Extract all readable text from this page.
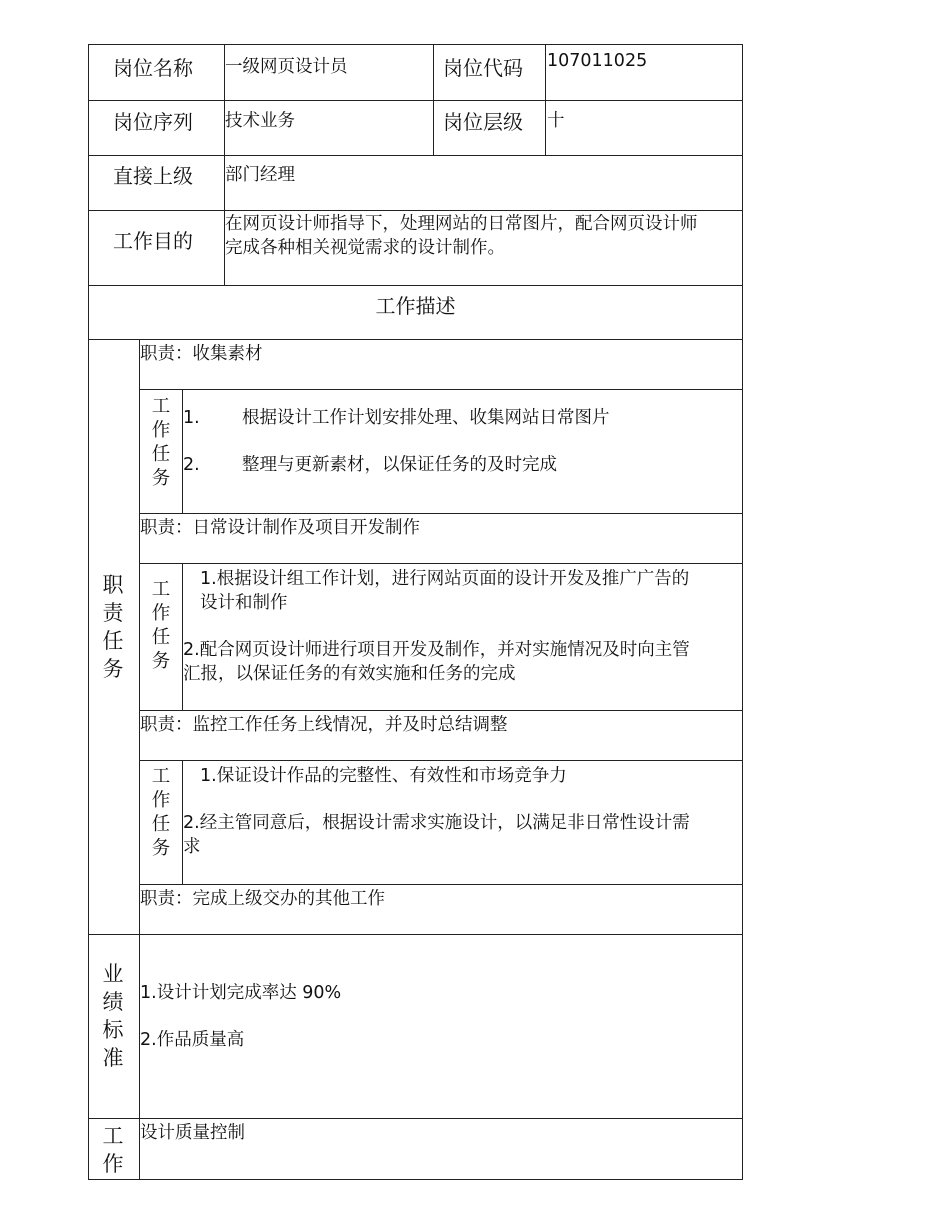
岗位名称 一级网页设计员	岗位代码 107011025
岗位序列 技术业务	岗位层级 十
直接上级 部门经理
工作目的
在网页设计师指导下，处理网站的日常图片，配合网页设计师
完成各种相关视觉需求的设计制作。
工作描述
职
责
任
务
职责：收集素材
工
作
任
务
1. 根据设计工作计划安排处理、收集网站日常图片
2. 整理与更新素材，以保证任务的及时完成
职责：日常设计制作及项目开发制作
工
作
任
务
1.根据设计组工作计划，进行网站页面的设计开发及推广广告的
设计和制作
2.配合网页设计师进行项目开发及制作，并对实施情况及时向主管
汇报，以保证任务的有效实施和任务的完成
职责：监控工作任务上线情况，并及时总结调整
工
作
任
务
1.保证设计作品的完整性、有效性和市场竞争力
2.经主管同意后，根据设计需求实施设计，以满足非日常性设计需
求
职责：完成上级交办的其他工作
业
绩
标
准
1.设计计划完成率达 90%
2.作品质量高
工
作
设计质量控制
